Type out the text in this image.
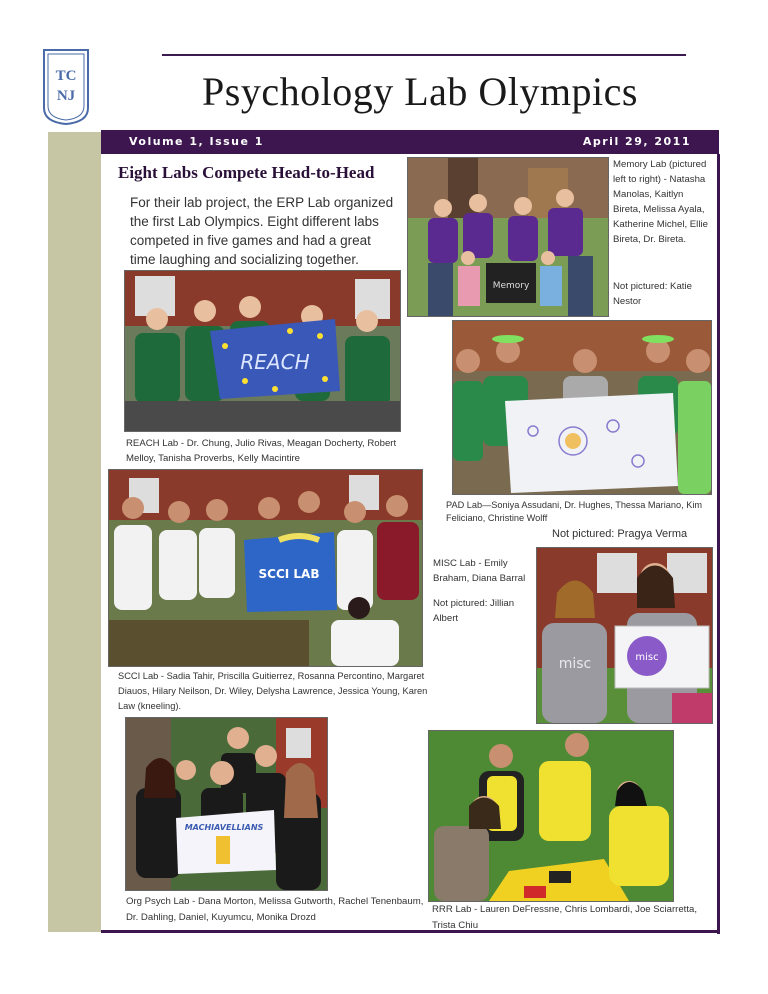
TC
NJ	Psychology Lab Olympics
Volume 1, Issue 1	April 29, 2011
Eight Labs Compete Head-to-Head
For their lab project, the ERP Lab organized the first Lab Olympics. Eight different labs competed in five games and had a great time laughing and socializing together.
Memory
Memory Lab (pictured left to right) - Natasha Manolas, Kaitlyn Bireta, Melissa Ayala, Katherine Michel, Ellie Bireta, Dr. Bireta.
Not pictured: Katie Nestor
REACH
REACH Lab - Dr. Chung, Julio Rivas, Meagan Docherty, Robert Melloy, Tanisha Proverbs, Kelly Macintire
PAD Lab—Soniya Assudani, Dr. Hughes, Thessa Mariano, Kim Feliciano, Christine Wolff
Not pictured: Pragya Verma
SCCI LAB
SCCI Lab - Sadia Tahir, Priscilla Guitierrez, Rosanna Percontino, Margaret Diauos, Hilary Neilson, Dr. Wiley, Delysha Lawrence, Jessica Young, Karen Law (kneeling).
MISC Lab - Emily Braham, Diana Barral
Not pictured: Jillian Albert
misc	misc
MACHIAVELLIANS
Org Psych Lab - Dana Morton, Melissa Gutworth, Rachel Tenenbaum, Dr. Dahling, Daniel, Kuyumcu, Monika Drozd
RRR Lab - Lauren DeFressne, Chris Lombardi, Joe Sciarretta, Trista Chiu
